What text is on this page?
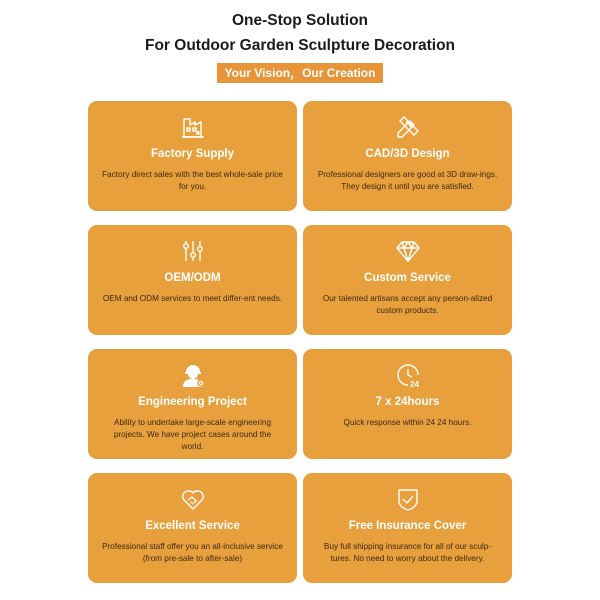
One-Stop Solution
For Outdoor Garden Sculpture Decoration
Your Vision，Our Creation
Factory Supply
Factory direct sales with the best whole-sale price for you.
CAD/3D Design
Professional designers are good at 3D draw-ings. They design it until you are satisfied.
OEM/ODM
OEM and ODM services to meet differ-ent needs.
Custom Service
Our talented artisans accept any person-alized custom products.
Engineering Project
Ability to undertake large-scale engineering projects. We have project cases around the world.
24
7 x 24hours
Quick response within 24 24 hours.
Excellent Service
Professional staff offer you an all-inclusive service (from pre-sale to after-sale)
Free Insurance Cover
Buy full shipping insurance for all of our sculp-tures. No need to worry about the delivery.
